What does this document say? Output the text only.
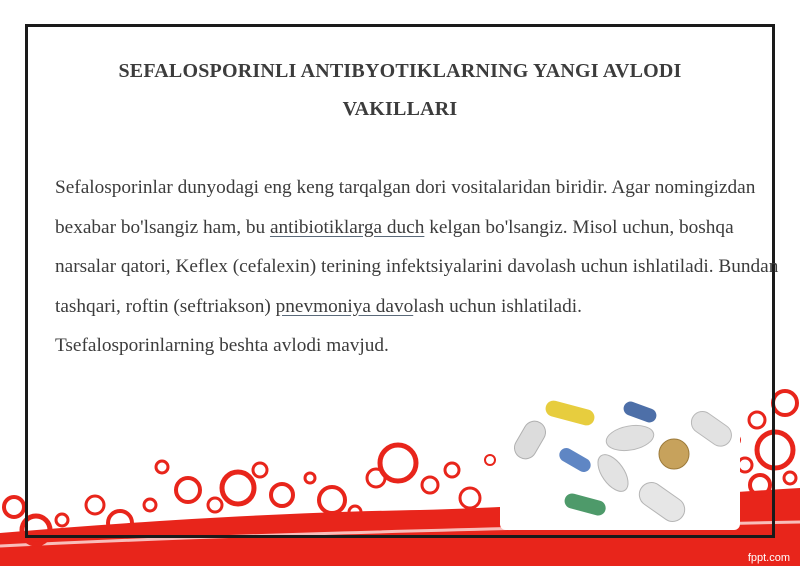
SEFALOSPORINLI ANTIBYOTIKLARNING YANGI AVLODI
VAKILLARI

Sefalosporinlar dunyodagi eng keng tarqalgan dori vositalaridan biridir. Agar nomingizdan bexabar bo'lsangiz ham, bu antibiotiklarga duch kelgan bo'lsangiz. Misol uchun, boshqa narsalar qatori, Keflex (cefalexin) terining infektsiyalarini davolash uchun ishlatiladi. Bundan tashqari, roftin (seftriakson) pnevmoniya davolash uchun ishlatiladi.

Tsefalosporinlarning beshta avlodi mavjud.

fppt.com
